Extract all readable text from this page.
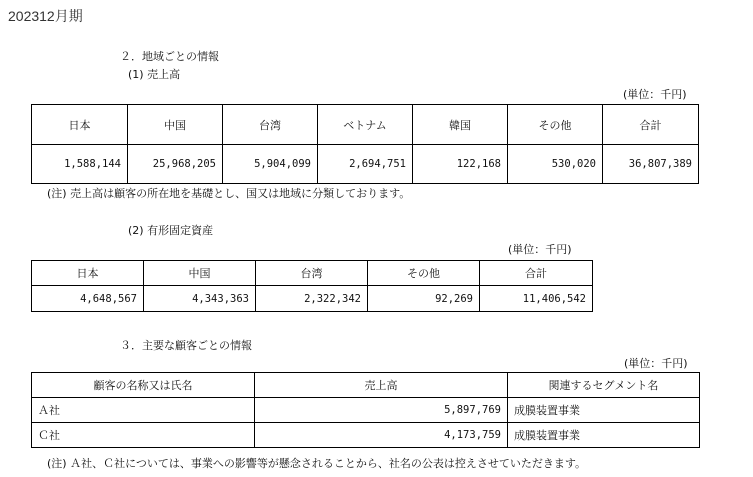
202312月期
２．地域ごとの情報
(1) 売上高
(単位：千円)
日本	中国	台湾	ベトナム	韓国	その他	合計
1,588,144	25,968,205	5,904,099	2,694,751	122,168	530,020	36,807,389
(注) 売上高は顧客の所在地を基礎とし、国又は地域に分類しております。
(2) 有形固定資産
(単位：千円)
日本	中国	台湾	その他	合計
4,648,567	4,343,363	2,322,342	92,269	11,406,542
３．主要な顧客ごとの情報
(単位：千円)
顧客の名称又は氏名	売上高	関連するセグメント名
Ａ社	5,897,769	成膜装置事業
Ｃ社	4,173,759	成膜装置事業
(注) Ａ社、Ｃ社については、事業への影響等が懸念されることから、社名の公表は控えさせていただきます。
